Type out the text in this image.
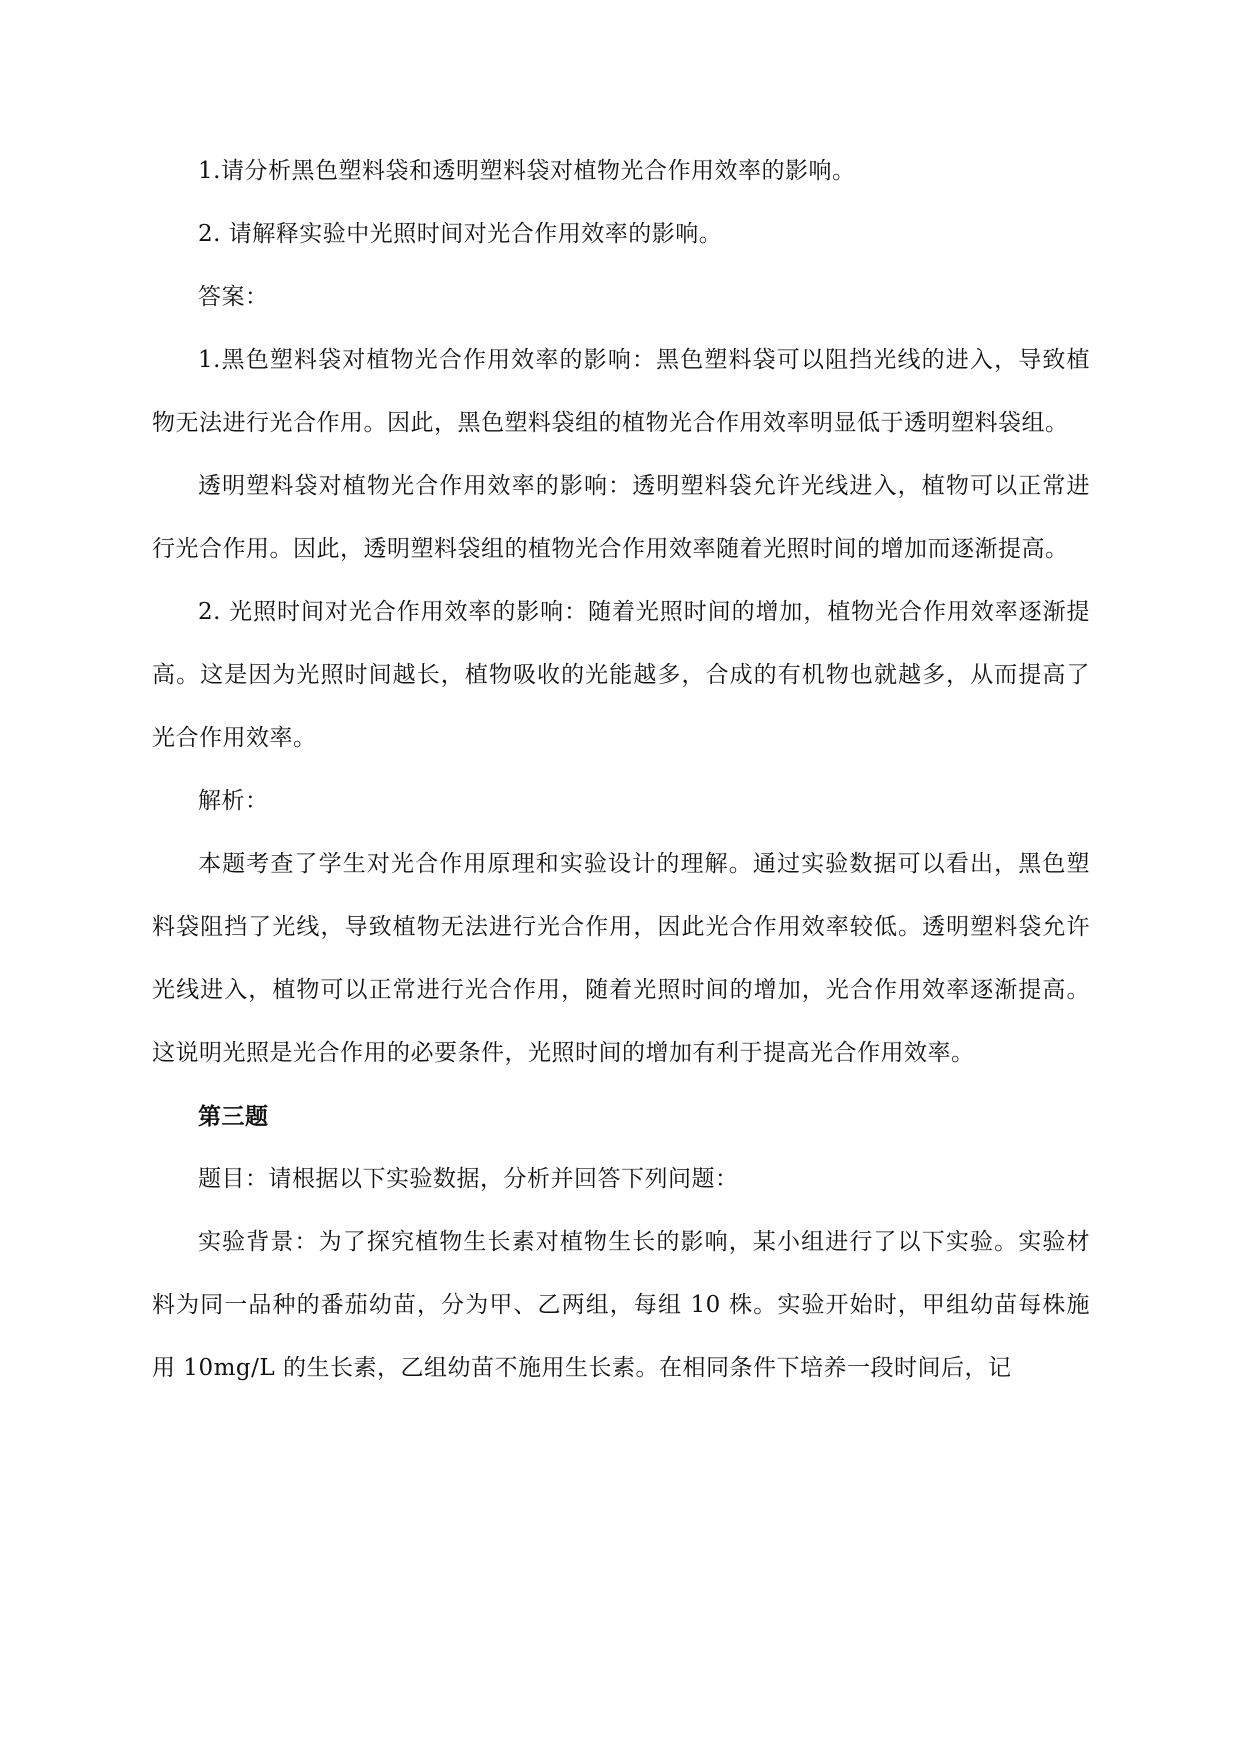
1.请分析黑色塑料袋和透明塑料袋对植物光合作用效率的影响。

2. 请解释实验中光照时间对光合作用效率的影响。

答案：

1.黑色塑料袋对植物光合作用效率的影响：黑色塑料袋可以阻挡光线的进入，导致植物无法进行光合作用。因此，黑色塑料袋组的植物光合作用效率明显低于透明塑料袋组。

透明塑料袋对植物光合作用效率的影响：透明塑料袋允许光线进入，植物可以正常进行光合作用。因此，透明塑料袋组的植物光合作用效率随着光照时间的增加而逐渐提高。

2. 光照时间对光合作用效率的影响：随着光照时间的增加，植物光合作用效率逐渐提高。这是因为光照时间越长，植物吸收的光能越多，合成的有机物也就越多，从而提高了光合作用效率。

解析：

本题考查了学生对光合作用原理和实验设计的理解。通过实验数据可以看出，黑色塑料袋阻挡了光线，导致植物无法进行光合作用，因此光合作用效率较低。透明塑料袋允许光线进入，植物可以正常进行光合作用，随着光照时间的增加，光合作用效率逐渐提高。这说明光照是光合作用的必要条件，光照时间的增加有利于提高光合作用效率。

第三题

题目：请根据以下实验数据，分析并回答下列问题：

实验背景：为了探究植物生长素对植物生长的影响，某小组进行了以下实验。实验材料为同一品种的番茄幼苗，分为甲、乙两组，每组 10 株。实验开始时，甲组幼苗每株施用 10mg/L 的生长素，乙组幼苗不施用生长素。在相同条件下培养一段时间后，记
